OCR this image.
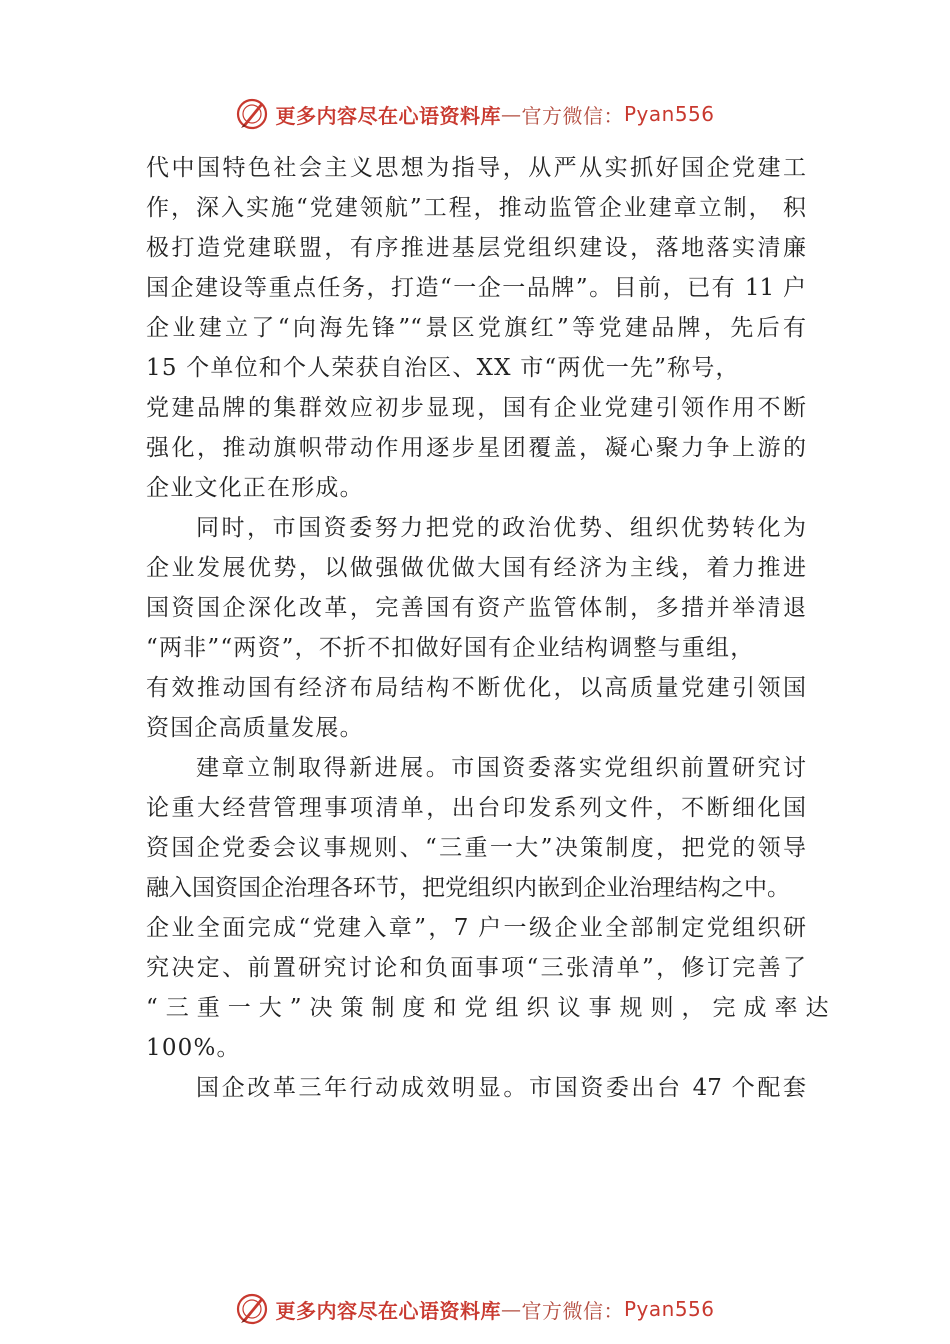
更多内容尽在心语资料库 — 官方微信： Pyan556
代中国特色社会主义思想为指导，从严从实抓好国企党建工
作，深入实施“党建领航”工程，推动监管企业建章立制， 积
极打造党建联盟，有序推进基层党组织建设，落地落实清廉
国企建设等重点任务，打造“一企一品牌”。目前，已有 11 户
企业建立了“向海先锋”“景区党旗红”等党建品牌，先后有
15 个单位和个人荣获自治区、XX 市“两优一先”称号，
党建品牌的集群效应初步显现，国有企业党建引领作用不断
强化，推动旗帜带动作用逐步星团覆盖，凝心聚力争上游的
企业文化正在形成。
同时，市国资委努力把党的政治优势、组织优势转化为
企业发展优势，以做强做优做大国有经济为主线，着力推进
国资国企深化改革，完善国有资产监管体制，多措并举清退
“两非”“两资”，不折不扣做好国有企业结构调整与重组，
有效推动国有经济布局结构不断优化，以高质量党建引领国
资国企高质量发展。
建章立制取得新进展。市国资委落实党组织前置研究讨
论重大经营管理事项清单，出台印发系列文件，不断细化国
资国企党委会议事规则、“三重一大”决策制度，把党的领导
融入国资国企治理各环节，把党组织内嵌到企业治理结构之中。
企业全面完成“党建入章”，7 户一级企业全部制定党组织研
究决定、前置研究讨论和负面事项“三张清单”，修订完善了
“三重一大”决策制度和党组织议事规则，完成率达
100%。
国企改革三年行动成效明显。市国资委出台 47 个配套
更多内容尽在心语资料库 — 官方微信： Pyan556
